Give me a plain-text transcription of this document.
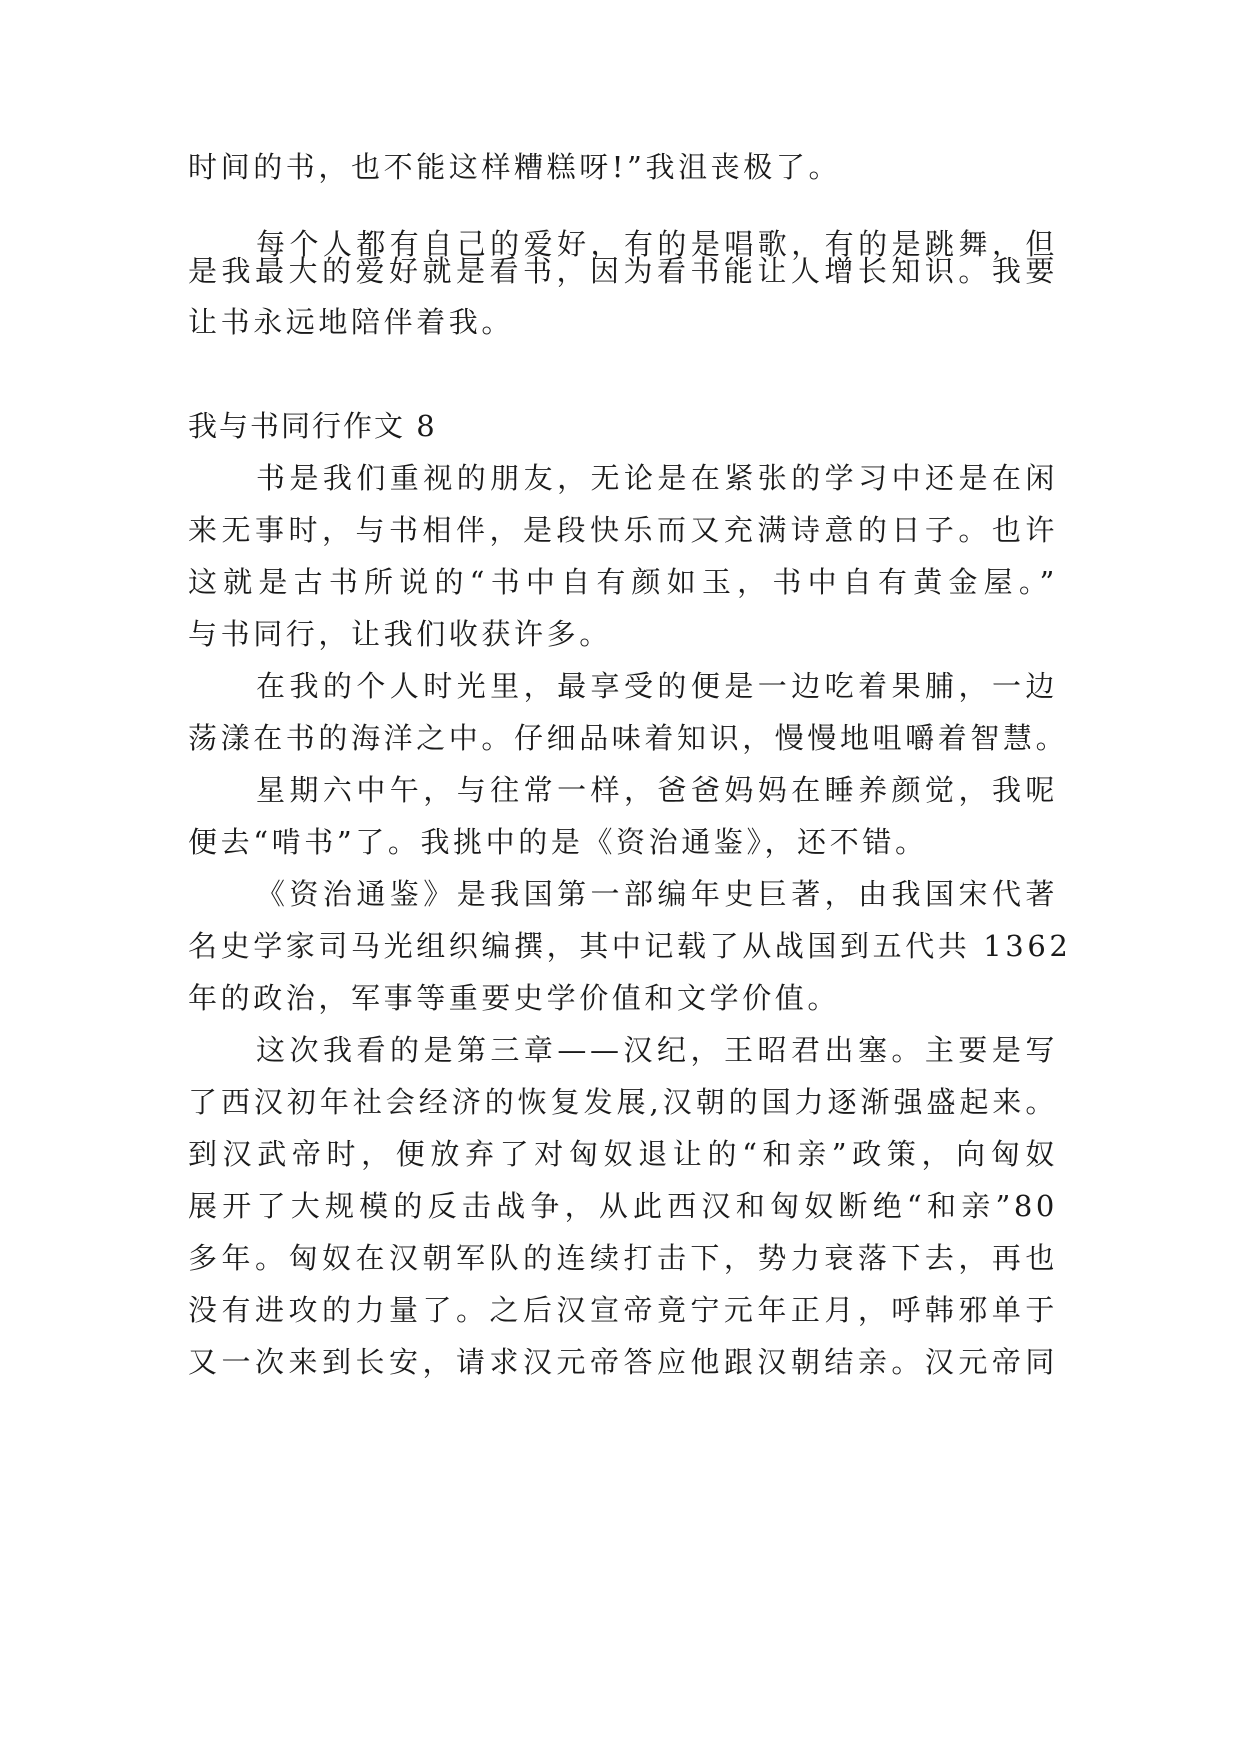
时间的书，也不能这样糟糕呀!”我沮丧极了。
每个人都有自己的爱好，有的是唱歌，有的是跳舞，但
是我最大的爱好就是看书，因为看书能让人增长知识。我要
让书永远地陪伴着我。
我与书同行作文 8
书是我们重视的朋友，无论是在紧张的学习中还是在闲
来无事时，与书相伴，是段快乐而又充满诗意的日子。也许
这就是古书所说的“书中自有颜如玉，书中自有黄金屋。”
与书同行，让我们收获许多。
在我的个人时光里，最享受的便是一边吃着果脯，一边
荡漾在书的海洋之中。仔细品味着知识，慢慢地咀嚼着智慧。
星期六中午，与往常一样，爸爸妈妈在睡养颜觉，我呢
便去“啃书”了。我挑中的是《资治通鉴》，还不错。
《资治通鉴》是我国第一部编年史巨著，由我国宋代著
名史学家司马光组织编撰，其中记载了从战国到五代共 1362
年的政治，军事等重要史学价值和文学价值。
这次我看的是第三章——汉纪，王昭君出塞。主要是写
了西汉初年社会经济的恢复发展,汉朝的国力逐渐强盛起来。
到汉武帝时，便放弃了对匈奴退让的“和亲”政策，向匈奴
展开了大规模的反击战争，从此西汉和匈奴断绝“和亲”80
多年。匈奴在汉朝军队的连续打击下，势力衰落下去，再也
没有进攻的力量了。之后汉宣帝竟宁元年正月，呼韩邪单于
又一次来到长安，请求汉元帝答应他跟汉朝结亲。汉元帝同
